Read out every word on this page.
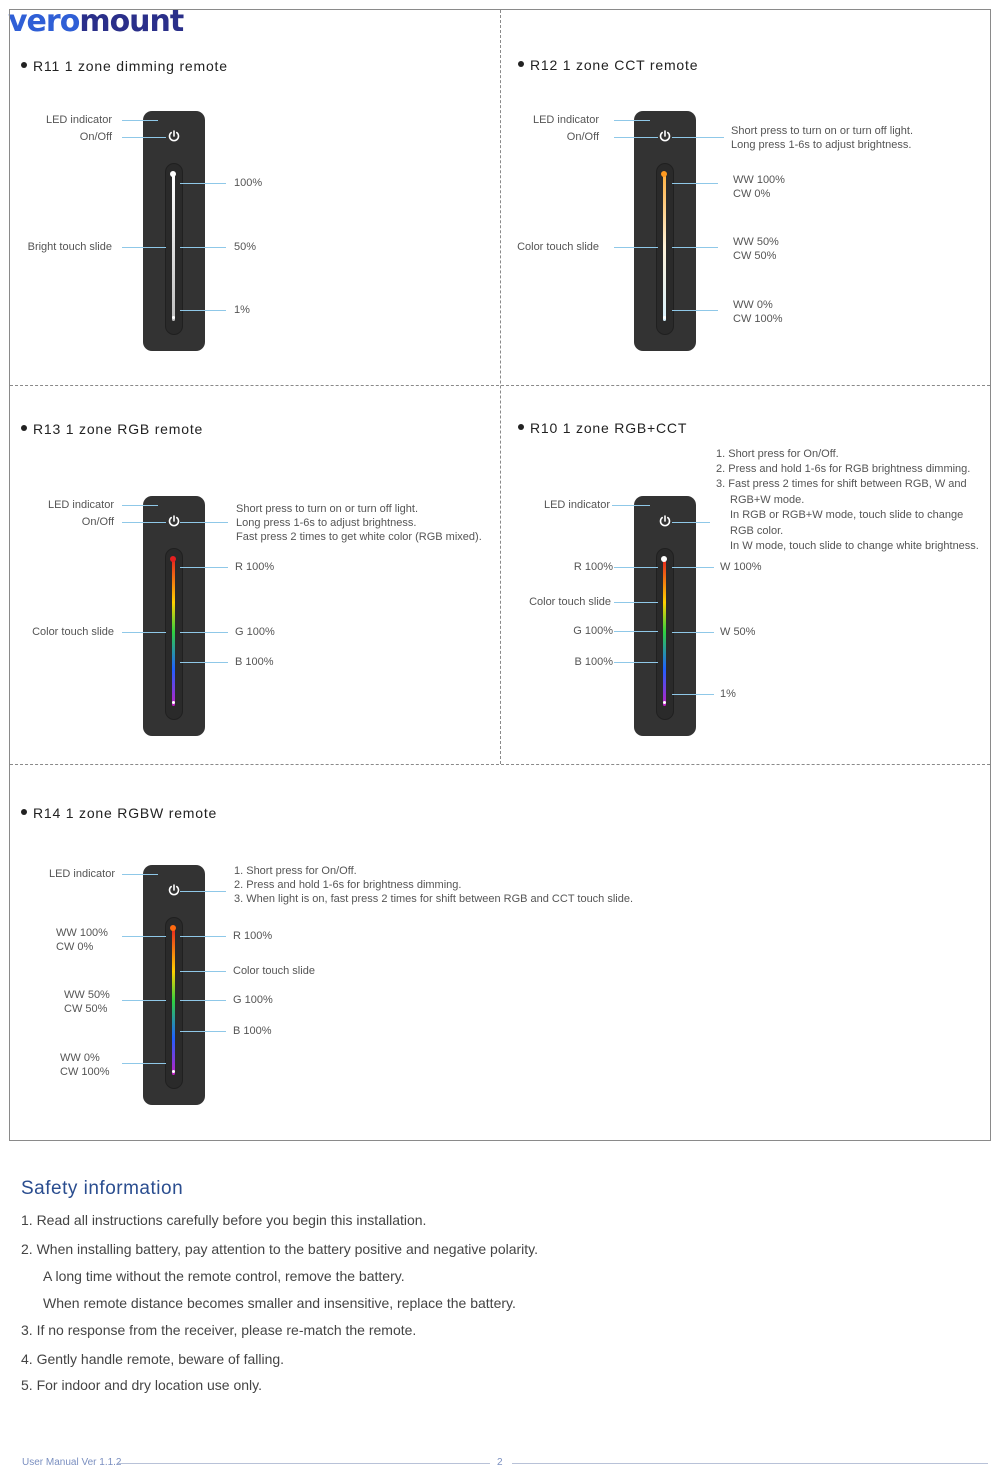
veromount
R11 1 zone dimming remote
LED indicator
On/Off
Bright touch slide
100%
50%
1%
R12 1 zone CCT remote
LED indicator
On/Off	Short press to turn on or turn off light.
Long press 1-6s to adjust brightness.
Color touch slide
WW 100%
CW 0%
WW 50%
CW 50%
WW 0%
CW 100%
R13 1 zone RGB remote
LED indicator
On/Off
Short press to turn on or turn off light.
Long press 1-6s to adjust brightness.
Fast press 2 times to get white color (RGB mixed).
Color touch slide
R 100%
G 100%
B 100%
R10 1 zone RGB+CCT
1. Short press for On/Off.
2. Press and hold 1-6s for RGB brightness dimming.
3. Fast press 2 times for shift between RGB, W and
RGB+W mode.
In RGB or RGB+W mode, touch slide to change
RGB color.
In W mode, touch slide to change white brightness.
LED indicator
R 100%
Color touch slide
G 100%
B 100%
W 100%
W 50%
1%
R14 1 zone RGBW remote
LED indicator	1. Short press for On/Off.
2. Press and hold 1-6s for brightness dimming.
3. When light is on, fast press 2 times for shift between RGB and CCT touch slide.
WW 100%
CW 0%
WW 50%
CW 50%
WW 0%
CW 100%
R 100%
Color touch slide
G 100%
B 100%
Safety information
1. Read all instructions carefully before you begin this installation.
2. When installing battery, pay attention to the battery positive and negative polarity.
A long time without the remote control, remove the battery.
When remote distance becomes smaller and insensitive, replace the battery.
3. If no response from the receiver, please re-match the remote.
4. Gently handle remote, beware of falling.
5. For indoor and dry location use only.
User Manual Ver 1.1.2	2
